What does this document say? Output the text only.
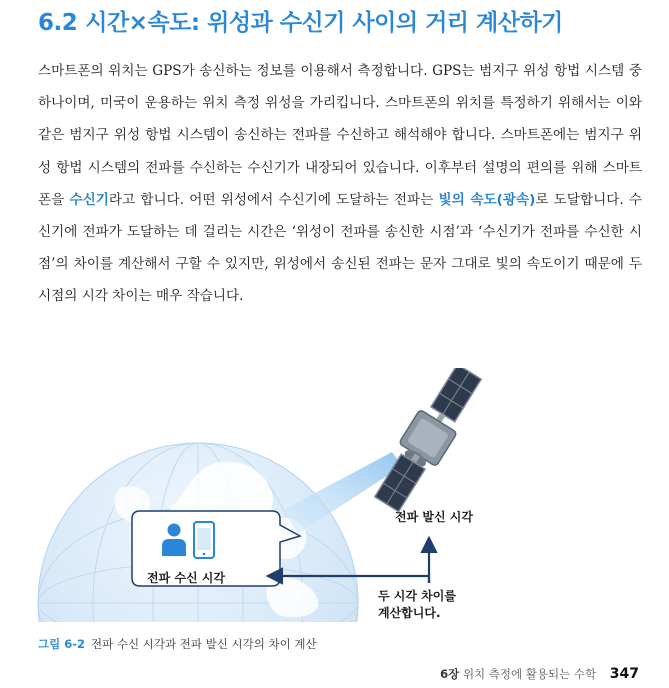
6.2 시간×속도: 위성과 수신기 사이의 거리 계산하기

스마트폰의 위치는 GPS가 송신하는 정보를 이용해서 측정합니다. GPS는 범지구 위성 항법 시스템 중 하나이며, 미국이 운용하는 위치 측정 위성을 가리킵니다. 스마트폰의 위치를 특정하기 위해서는 이와 같은 범지구 위성 항법 시스템이 송신하는 전파를 수신하고 해석해야 합니다. 스마트폰에는 범지구 위성 항법 시스템의 전파를 수신하는 수신기가 내장되어 있습니다. 이후부터 설명의 편의를 위해 스마트폰을 수신기라고 합니다. 어떤 위성에서 수신기에 도달하는 전파는 빛의 속도(광속)로 도달합니다. 수신기에 전파가 도달하는 데 걸리는 시간은 ‘위성이 전파를 송신한 시점’과 ‘수신기가 전파를 수신한 시점’의 차이를 계산해서 구할 수 있지만, 위성에서 송신된 전파는 문자 그대로 빛의 속도이기 때문에 두 시점의 시각 차이는 매우 작습니다.

전파 수신 시각
전파 발신 시각
두 시각 차이를
계산합니다.
그림 6-2 전파 수신 시각과 전파 발신 시각의 차이 계산
6장 위치 측정에 활용되는 수학 347
